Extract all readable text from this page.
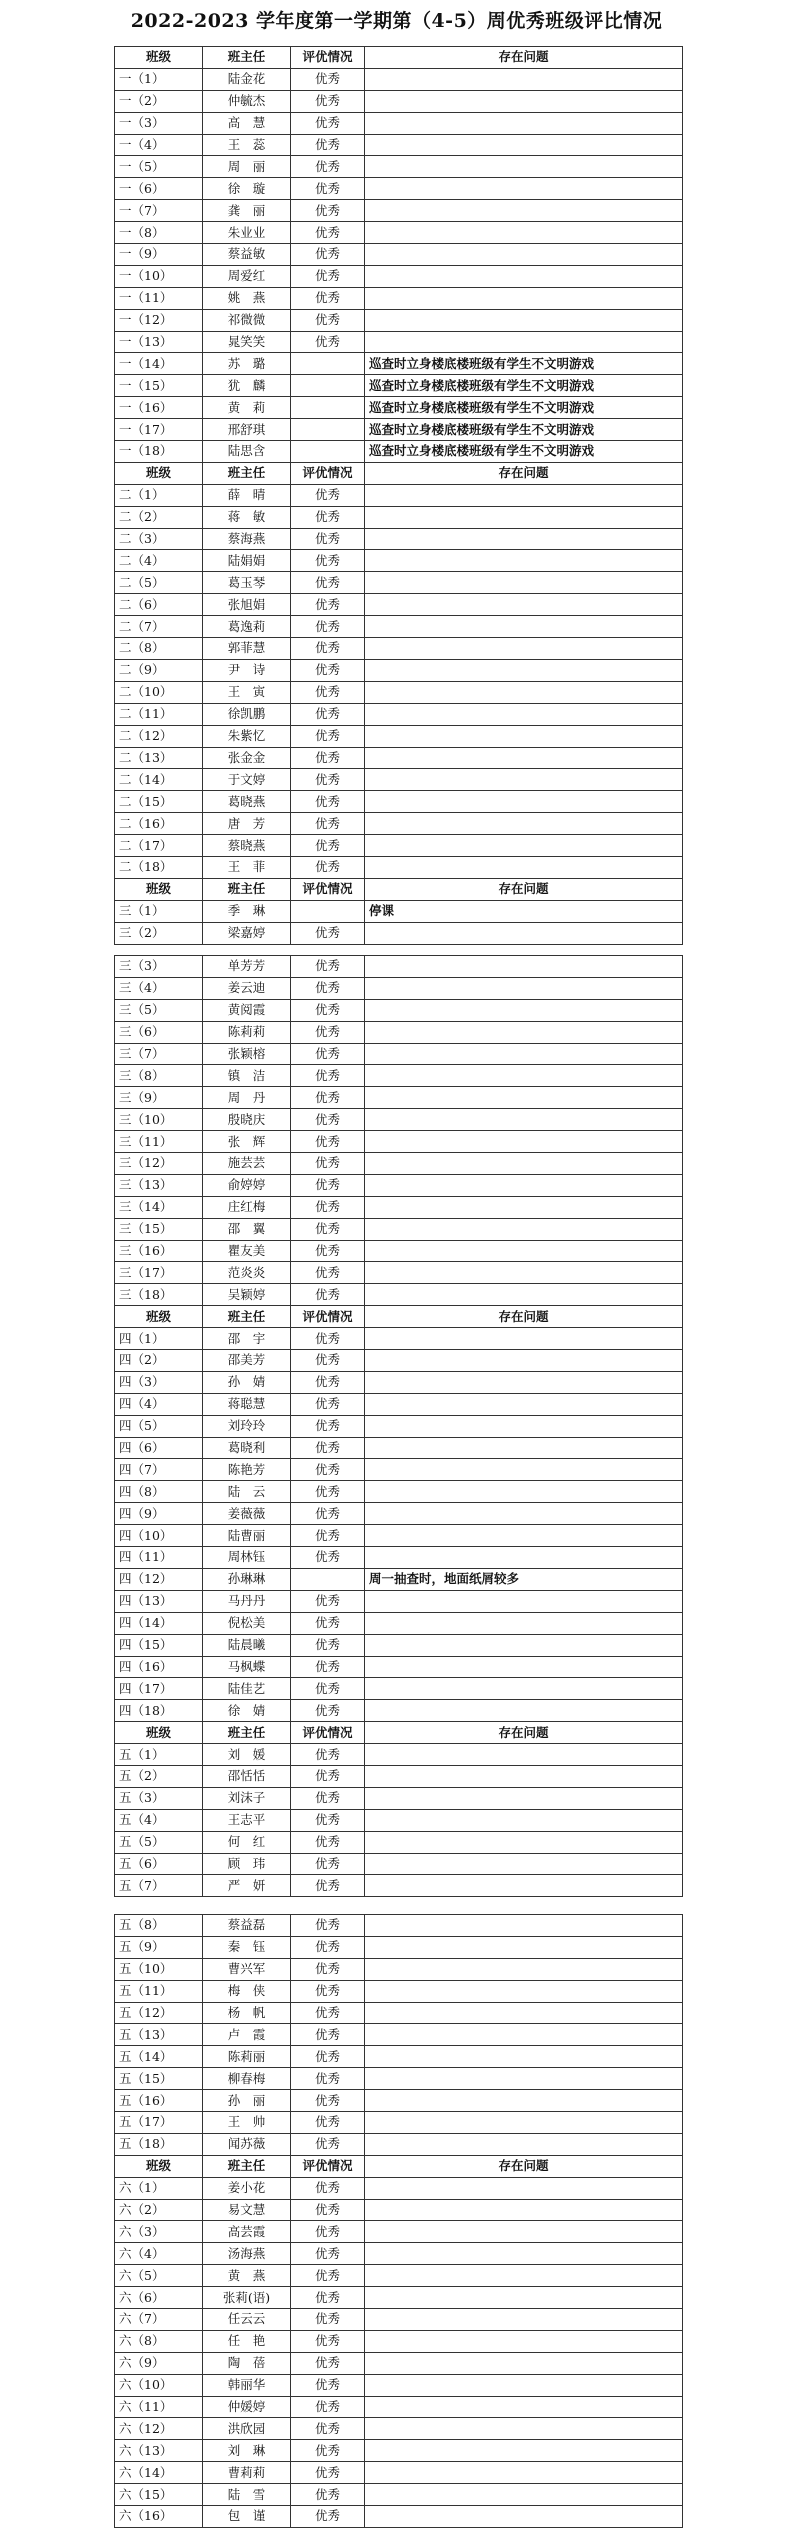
2022-2023 学年度第一学期第（4-5）周优秀班级评比情况
班级	班主任	评优情况	存在问题
一（1）	陆金花	优秀	
一（2）	仲毓杰	优秀	
一（3）	高　慧	优秀	
一（4）	王　蕊	优秀	
一（5）	周　丽	优秀	
一（6）	徐　璇	优秀	
一（7）	龚　丽	优秀	
一（8）	朱业业	优秀	
一（9）	蔡益敏	优秀	
一（10）	周爱红	优秀	
一（11）	姚　燕	优秀	
一（12）	祁微微	优秀	
一（13）	晁笑笑	优秀	
一（14）	苏　璐		巡查时立身楼底楼班级有学生不文明游戏
一（15）	犹　麟		巡查时立身楼底楼班级有学生不文明游戏
一（16）	黄　莉		巡查时立身楼底楼班级有学生不文明游戏
一（17）	邢舒琪		巡查时立身楼底楼班级有学生不文明游戏
一（18）	陆思含		巡查时立身楼底楼班级有学生不文明游戏
班级	班主任	评优情况	存在问题
二（1）	薛　晴	优秀	
二（2）	蒋　敏	优秀	
二（3）	蔡海燕	优秀	
二（4）	陆娟娟	优秀	
二（5）	葛玉琴	优秀	
二（6）	张旭娟	优秀	
二（7）	葛逸莉	优秀	
二（8）	郭菲慧	优秀	
二（9）	尹　诗	优秀	
二（10）	王　寅	优秀	
二（11）	徐凯鹏	优秀	
二（12）	朱紫忆	优秀	
二（13）	张金金	优秀	
二（14）	于文婷	优秀	
二（15）	葛晓燕	优秀	
二（16）	唐　芳	优秀	
二（17）	蔡晓燕	优秀	
二（18）	王　菲	优秀	
班级	班主任	评优情况	存在问题
三（1）	季　琳		停课
三（2）	梁嘉婷	优秀	
三（3）	单芳芳	优秀	
三（4）	姜云迪	优秀	
三（5）	黄阅霞	优秀	
三（6）	陈莉莉	优秀	
三（7）	张颖榕	优秀	
三（8）	镇　洁	优秀	
三（9）	周　丹	优秀	
三（10）	殷晓庆	优秀	
三（11）	张　辉	优秀	
三（12）	施芸芸	优秀	
三（13）	俞婷婷	优秀	
三（14）	庄红梅	优秀	
三（15）	邵　翼	优秀	
三（16）	瞿友美	优秀	
三（17）	范炎炎	优秀	
三（18）	吴颖婷	优秀	
班级	班主任	评优情况	存在问题
四（1）	邵　宇	优秀	
四（2）	邵美芳	优秀	
四（3）	孙　婧	优秀	
四（4）	蒋聪慧	优秀	
四（5）	刘玲玲	优秀	
四（6）	葛晓利	优秀	
四（7）	陈艳芳	优秀	
四（8）	陆　云	优秀	
四（9）	姜薇薇	优秀	
四（10）	陆曹丽	优秀	
四（11）	周林钰	优秀	
四（12）	孙琳琳		周一抽查时，地面纸屑较多
四（13）	马丹丹	优秀	
四（14）	倪松美	优秀	
四（15）	陆晨曦	优秀	
四（16）	马枫蝶	优秀	
四（17）	陆佳艺	优秀	
四（18）	徐　婧	优秀	
班级	班主任	评优情况	存在问题
五（1）	刘　媛	优秀	
五（2）	邵恬恬	优秀	
五（3）	刘沫子	优秀	
五（4）	王志平	优秀	
五（5）	何　红	优秀	
五（6）	顾　玮	优秀	
五（7）	严　妍	优秀	
五（8）	蔡益磊	优秀	
五（9）	秦　钰	优秀	
五（10）	曹兴军	优秀	
五（11）	梅　侠	优秀	
五（12）	杨　帆	优秀	
五（13）	卢　霞	优秀	
五（14）	陈莉丽	优秀	
五（15）	柳春梅	优秀	
五（16）	孙　丽	优秀	
五（17）	王　帅	优秀	
五（18）	闻苏薇	优秀	
班级	班主任	评优情况	存在问题
六（1）	姜小花	优秀	
六（2）	易文慧	优秀	
六（3）	高芸霞	优秀	
六（4）	汤海燕	优秀	
六（5）	黄　燕	优秀	
六（6）	张莉(语)	优秀	
六（7）	任云云	优秀	
六（8）	任　艳	优秀	
六（9）	陶　蓓	优秀	
六（10）	韩丽华	优秀	
六（11）	仲媛婷	优秀	
六（12）	洪欣园	优秀	
六（13）	刘　琳	优秀	
六（14）	曹莉莉	优秀	
六（15）	陆　雪	优秀	
六（16）	包　谨	优秀	
